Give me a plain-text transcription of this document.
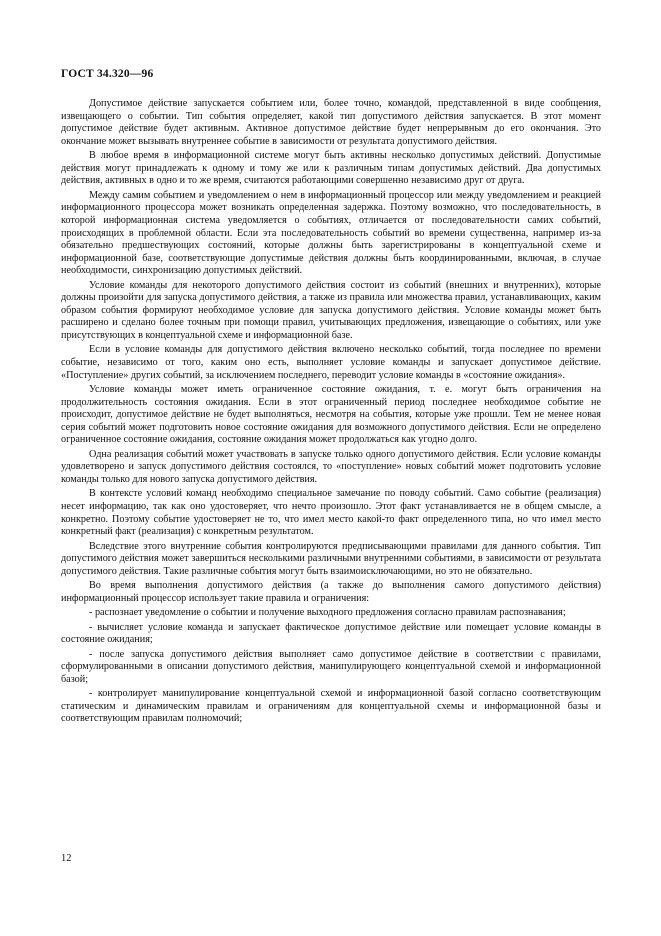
ГОСТ 34.320—96

Допустимое действие запускается событием или, более точно, командой, представленной в виде сообщения, извещающего о событии. Тип события определяет, какой тип допустимого действия запускается. В этот момент допустимое действие будет активным. Активное допустимое действие будет непрерывным до его окончания. Это окончание может вызывать внутреннее событие в зависимости от результата допустимого действия.

В любое время в информационной системе могут быть активны несколько допустимых действий. Допустимые действия могут принадлежать к одному и тому же или к различным типам допустимых действий. Два допустимых действия, активных в одно и то же время, считаются работающими совершенно независимо друг от друга.

Между самим событием и уведомлением о нем в информационный процессор или между уведомлением и реакцией информационного процессора может возникать определенная задержка. Поэтому возможно, что последовательность, в которой информационная система уведомляется о событиях, отличается от последовательности самих событий, происходящих в проблемной области. Если эта последовательность событий во времени существенна, например из-за обязательно предшествующих состояний, которые должны быть зарегистрированы в концептуальной схеме и информационной базе, соответствующие допустимые действия должны быть координированными, включая, в случае необходимости, синхронизацию допустимых действий.

Условие команды для некоторого допустимого действия состоит из событий (внешних и внутренних), которые должны произойти для запуска допустимого действия, а также из правила или множества правил, устанавливающих, каким образом события формируют необходимое условие для запуска допустимого действия. Условие команды может быть расширено и сделано более точным при помощи правил, учитывающих предложения, извещающие о событиях, или уже присутствующих в концептуальной схеме и информационной базе.

Если в условие команды для допустимого действия включено несколько событий, тогда последнее по времени событие, независимо от того, каким оно есть, выполняет условие команды и запускает допустимое действие. «Поступление» других событий, за исключением последнего, переводит условие команды в «состояние ожидания».

Условие команды может иметь ограниченное состояние ожидания, т. е. могут быть ограничения на продолжительность состояния ожидания. Если в этот ограниченный период последнее необходимое событие не происходит, допустимое действие не будет выполняться, несмотря на события, которые уже прошли. Тем не менее новая серия событий может подготовить новое состояние ожидания для возможного допустимого действия. Если не определено ограниченное состояние ожидания, состояние ожидания может продолжаться как угодно долго.

Одна реализация событий может участвовать в запуске только одного допустимого действия. Если условие команды удовлетворено и запуск допустимого действия состоялся, то «поступление» новых событий может подготовить условие команды только для нового запуска допустимого действия.

В контексте условий команд необходимо специальное замечание по поводу событий. Само событие (реализация) несет информацию, так как оно удостоверяет, что нечто произошло. Этот факт устанавливается не в общем смысле, а конкретно. Поэтому событие удостоверяет не то, что имел место какой-то факт определенного типа, но что имел место конкретный факт (реализация) с конкретным результатом.

Вследствие этого внутренние события контролируются предписывающими правилами для данного события. Тип допустимого действия может завершиться несколькими различными внутренними событиями, в зависимости от результата допустимого действия. Такие различные события могут быть взаимоисключающими, но это не обязательно.

Во время выполнения допустимого действия (а также до выполнения самого допустимого действия) информационный процессор использует такие правила и ограничения:

- распознает уведомление о событии и получение выходного предложения согласно правилам распознавания;

- вычисляет условие команда и запускает фактическое допустимое действие или помещает условие команды в состояние ожидания;

- после запуска допустимого действия выполняет само допустимое действие в соответствии с правилами, сформулированными в описании допустимого действия, манипулирующего концептуальной схемой и информационной базой;

- контролирует манипулирование концептуальной схемой и информационной базой согласно соответствующим статическим и динамическим правилам и ограничениям для концептуальной схемы и информационной базы и соответствующим правилам полномочий;

12
